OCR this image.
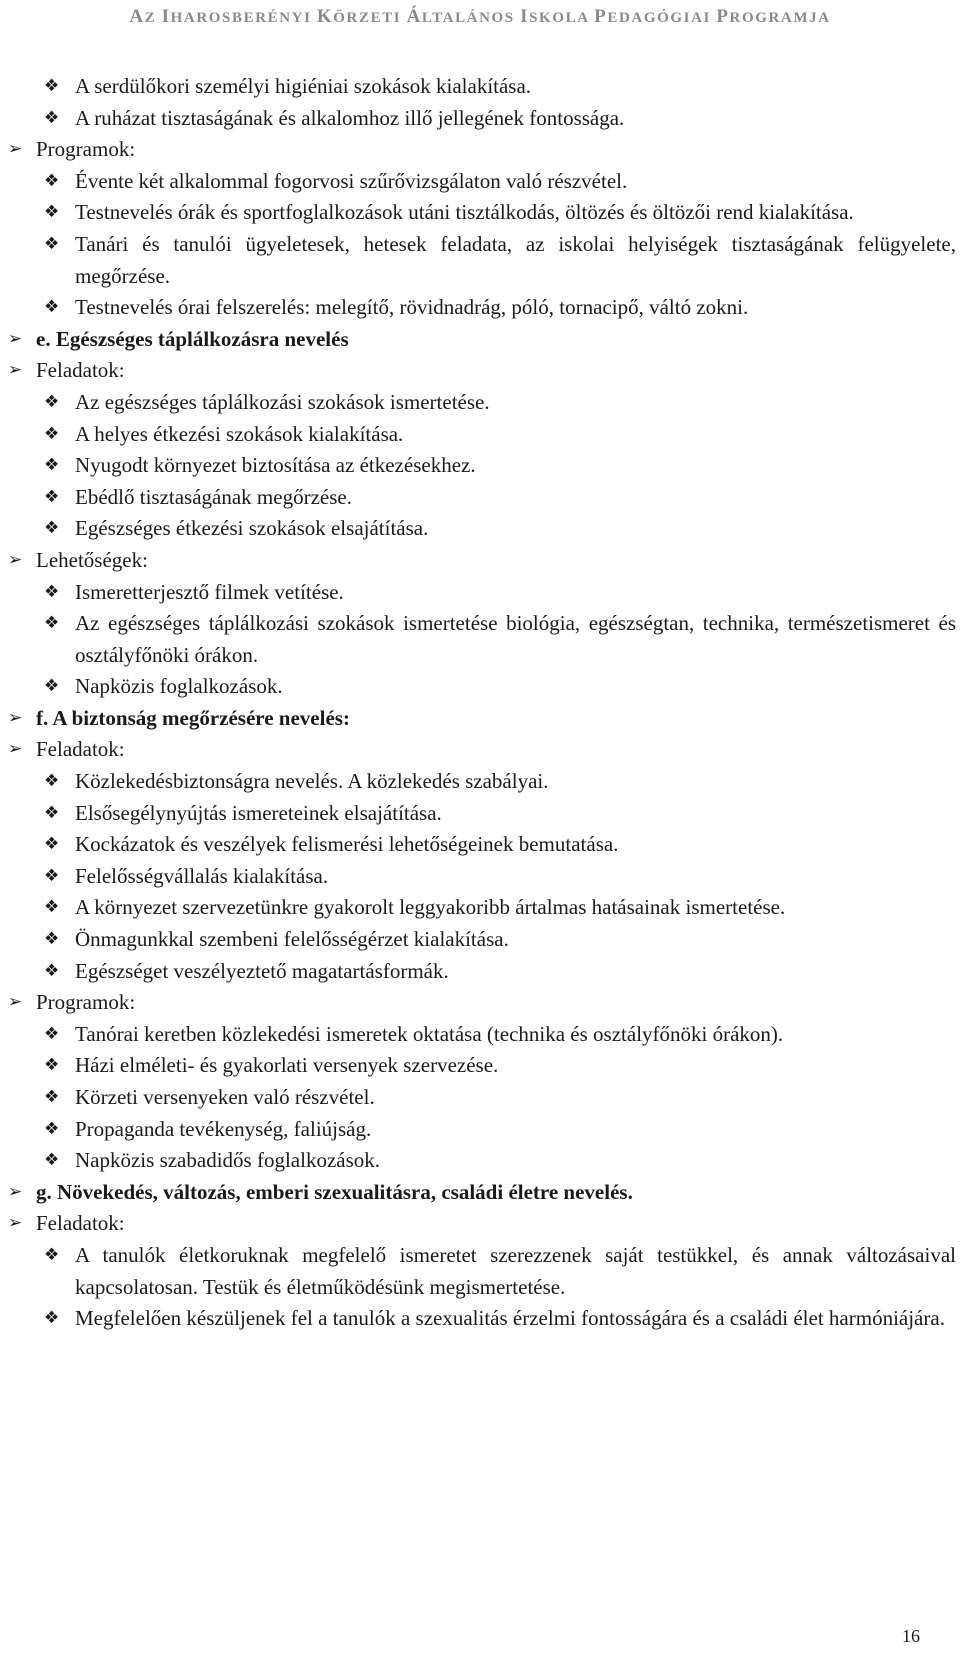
AZ IHAROSBERÉNYI KÖRZETI ÁLTALÁNOS ISKOLA PEDAGÓGIAI PROGRAMJA
❖ A serdülőkori személyi higiéniai szokások kialakítása.
❖ A ruházat tisztaságának és alkalomhoz illő jellegének fontossága.
➢ Programok:
❖ Évente két alkalommal fogorvosi szűrővizsgálaton való részvétel.
❖ Testnevelés órák és sportfoglalkozások utáni tisztálkodás, öltözés és öltözői rend kialakítása.
❖ Tanári és tanulói ügyeletesek, hetesek feladata, az iskolai helyiségek tisztaságának felügyelete, megőrzése.
❖ Testnevelés órai felszerelés: melegítő, rövidnadrág, póló, tornacipő, váltó zokni.
➢ e. Egészséges táplálkozásra nevelés
➢ Feladatok:
❖ Az egészséges táplálkozási szokások ismertetése.
❖ A helyes étkezési szokások kialakítása.
❖ Nyugodt környezet biztosítása az étkezésekhez.
❖ Ebédlő tisztaságának megőrzése.
❖ Egészséges étkezési szokások elsajátítása.
➢ Lehetőségek:
❖ Ismeretterjesztő filmek vetítése.
❖ Az egészséges táplálkozási szokások ismertetése biológia, egészségtan, technika, természetismeret és osztályfőnöki órákon.
❖ Napközis foglalkozások.
➢ f. A biztonság megőrzésére nevelés:
➢ Feladatok:
❖ Közlekedésbiztonságra nevelés. A közlekedés szabályai.
❖ Elsősegélynyújtás ismereteinek elsajátítása.
❖ Kockázatok és veszélyek felismerési lehetőségeinek bemutatása.
❖ Felelősségvállalás kialakítása.
❖ A környezet szervezetünkre gyakorolt leggyakoribb ártalmas hatásainak ismertetése.
❖ Önmagunkkal szembeni felelősségérzet kialakítása.
❖ Egészséget veszélyeztető magatartásformák.
➢ Programok:
❖ Tanórai keretben közlekedési ismeretek oktatása (technika és osztályfőnöki órákon).
❖ Házi elméleti- és gyakorlati versenyek szervezése.
❖ Körzeti versenyeken való részvétel.
❖ Propaganda tevékenység, faliújság.
❖ Napközis szabadidős foglalkozások.
➢ g. Növekedés, változás, emberi szexualitásra, családi életre nevelés.
➢ Feladatok:
❖ A tanulók életkoruknak megfelelő ismeretet szerezzenek saját testükkel, és annak változásaival kapcsolatosan. Testük és életműködésünk megismertetése.
❖ Megfelelően készüljenek fel a tanulók a szexualitás érzelmi fontosságára és a családi élet harmóniájára.
16
